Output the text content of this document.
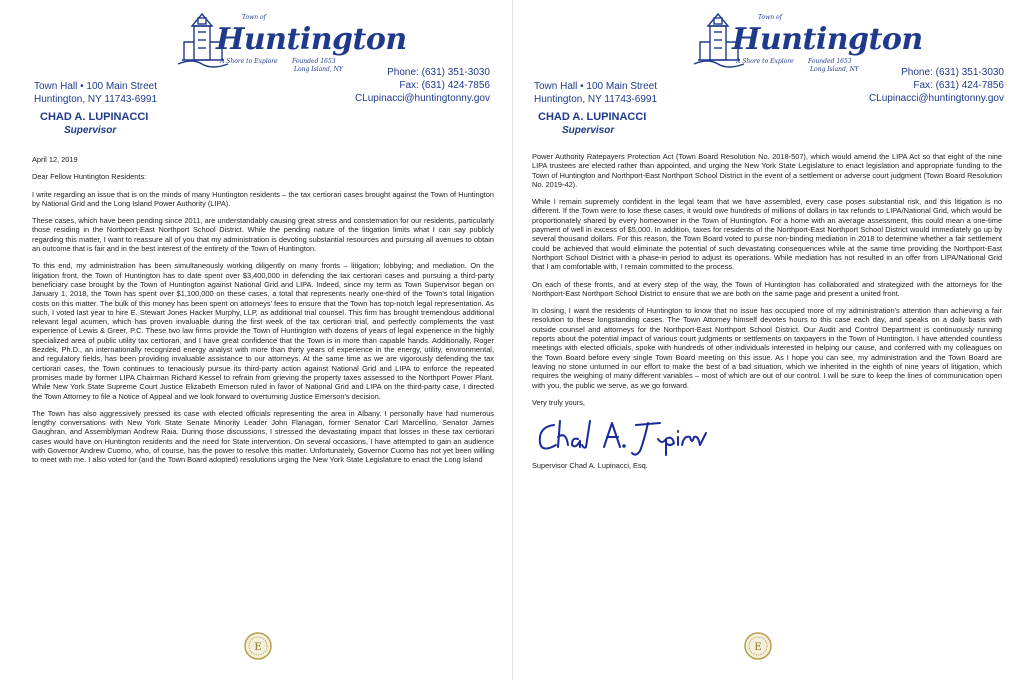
Town of
Huntington
A Shore to Explore Founded 1653
Long Island, NY
Town Hall • 100 Main Street
Huntington, NY 11743-6991
Phone: (631) 351-3030
Fax: (631) 424-7856
CLupinacci@huntingtonny.gov
CHAD A. LUPINACCI
Supervisor

April 12, 2019

Dear Fellow Huntington Residents:

I write regarding an issue that is on the minds of many Huntington residents – the tax certiorari cases brought against the Town of Huntington by National Grid and the Long Island Power Authority (LIPA).

These cases, which have been pending since 2011, are understandably causing great stress and consternation for our residents, particularly those residing in the Northport-East Northport School District. While the pending nature of the litigation limits what I can say publicly regarding this matter, I want to reassure all of you that my administration is devoting substantial resources and pursuing all avenues to obtain an outcome that is fair and in the best interest of the entirety of the Town of Huntington.

To this end, my administration has been simultaneously working diligently on many fronts – litigation; lobbying; and mediation. On the litigation front, the Town of Huntington has to date spent over $3,400,000 in defending the tax certiorari cases and pursuing a third-party beneficiary case brought by the Town of Huntington against National Grid and LIPA. Indeed, since my term as Town Supervisor began on January 1, 2018, the Town has spent over $1,100,000 on these cases, a total that represents nearly one-third of the Town's total litigation costs on this matter. The bulk of this money has been spent on attorneys' fees to ensure that the Town has top-notch legal representation. As such, I voted last year to hire E. Stewart Jones Hacker Murphy, LLP, as additional trial counsel. This firm has brought tremendous additional relevant legal acumen, which has proven invaluable during the first week of the tax certiorari trial, and perfectly complements the vast experience of Lewis & Greer, P.C. These two law firms provide the Town of Huntington with dozens of years of legal experience in the highly specialized area of public utility tax certiorari, and I have great confidence that the Town is in more than capable hands. Additionally, Roger Bezdek, Ph.D., an internationally recognized energy analyst with more than thirty years of experience in the energy, utility, environmental, and regulatory fields, has been providing invaluable assistance to our attorneys. At the same time as we are vigorously defending the tax certiorari cases, the Town continues to tenaciously pursue its third-party action against National Grid and LIPA to enforce the repeated promises made by former LIPA Chairman Richard Kessel to refrain from grieving the property taxes assessed to the Northport Power Plant. While New York State Supreme Court Justice Elizabeth Emerson ruled in favor of National Grid and LIPA on the third-party case, I directed the Town Attorney to file a Notice of Appeal and we look forward to overturning Justice Emerson's decision.

The Town has also aggressively pressed its case with elected officials representing the area in Albany. I personally have had numerous lengthy conversations with New York State Senate Minority Leader John Flanagan, former Senator Carl Marcellino, Senator James Gaughran, and Assemblyman Andrew Raia. During those discussions, I stressed the devastating impact that losses in these tax certiorari cases would have on Huntington residents and the need for State intervention. On several occasions, I have attempted to gain an audience with Governor Andrew Cuomo, who, of course, has the power to resolve this matter. Unfortunately, Governor Cuomo has not yet been willing to meet with me. I also voted for (and the Town Board adopted) resolutions urging the New York State Legislature to enact the Long Island

E
Town of
Huntington
A Shore to Explore Founded 1653
Long Island, NY
Town Hall • 100 Main Street
Huntington, NY 11743-6991
Phone: (631) 351-3030
Fax: (631) 424-7856
CLupinacci@huntingtonny.gov
CHAD A. LUPINACCI
Supervisor

Power Authority Ratepayers Protection Act (Town Board Resolution No. 2018-507), which would amend the LIPA Act so that eight of the nine LIPA trustees are elected rather than appointed, and urging the New York State Legislature to enact legislation and appropriate funding to the Town of Huntington and Northport-East Northport School District in the event of a settlement or adverse court judgment (Town Board Resolution No. 2019-42).

While I remain supremely confident in the legal team that we have assembled, every case poses substantial risk, and this litigation is no different. If the Town were to lose these cases, it would owe hundreds of millions of dollars in tax refunds to LIPA/National Grid, which would be proportionately shared by every homeowner in the Town of Huntington. For a home with an average assessment, this could mean a one-time payment of well in excess of $5,000. In addition, taxes for residents of the Northport-East Northport School District would immediately go up by several thousand dollars. For this reason, the Town Board voted to purse non-binding mediation in 2018 to determine whether a fair settlement could be achieved that would eliminate the potential of such devastating consequences while at the same time providing the Northport-East Northport School District with a phase-in period to adjust its operations. While mediation has not resulted in an offer from LIPA/National Grid that I am comfortable with, I remain committed to the process.

On each of these fronts, and at every step of the way, the Town of Huntington has collaborated and strategized with the attorneys for the Northport-East Northport School District to ensure that we are both on the same page and present a united front.

In closing, I want the residents of Huntington to know that no issue has occupied more of my administration's attention than achieving a fair resolution to these longstanding cases. The Town Attorney himself devotes hours to this case each day, and speaks on a daily basis with outside counsel and attorneys for the Northport-East Northport School District. Our Audit and Control Department is continuously running reports about the potential impact of various court judgments or settlements on taxpayers in the Town of Huntington. I have attended countless meetings with elected officials, spoke with hundreds of other individuals interested in helping our cause, and conferred with my colleagues on the Town Board before every single Town Board meeting on this issue. As I hope you can see, my administration and the Town Board are leaving no stone unturned in our effort to make the best of a bad situation, which we inherited in the eighth of nine years of litigation, which requires the weighing of many different variables – most of which are out of our control. I will be sure to keep the lines of communication open with you, the public we serve, as we go forward.

Very truly yours,

Supervisor Chad A. Lupinacci, Esq.

E
